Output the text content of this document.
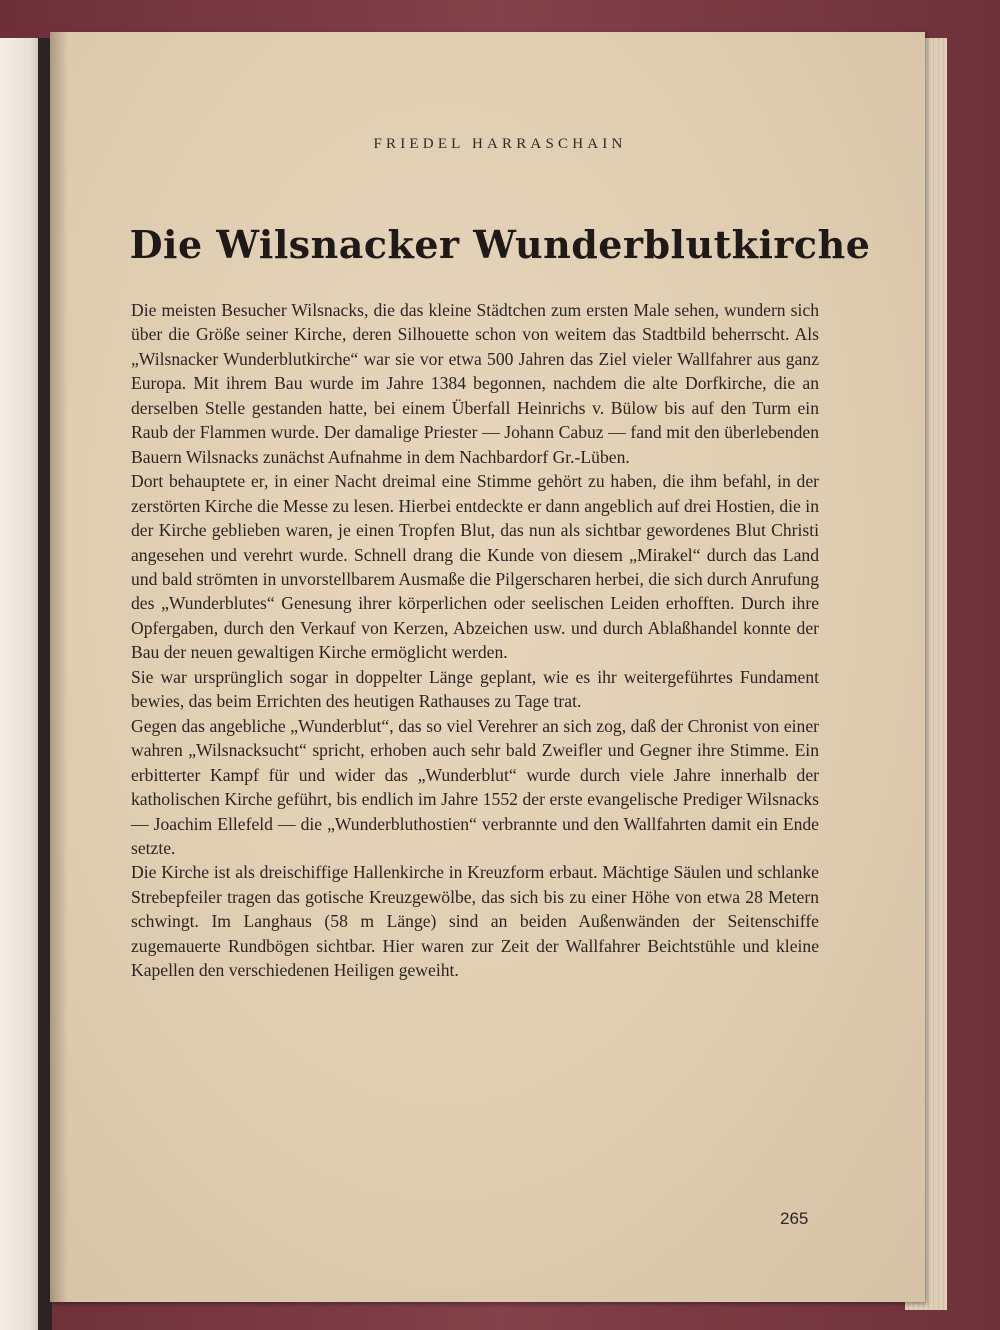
FRIEDEL HARRASCHAIN
Die Wilsnacker Wunderblutkirche

Die meisten Besucher Wilsnacks, die das kleine Städtchen zum ersten Male sehen, wundern sich über die Größe seiner Kirche, deren Silhouette schon von weitem das Stadtbild beherrscht. Als „Wilsnacker Wunderblutkirche“ war sie vor etwa 500 Jahren das Ziel vieler Wallfahrer aus ganz Europa. Mit ihrem Bau wurde im Jahre 1384 begonnen, nachdem die alte Dorfkirche, die an derselben Stelle gestanden hatte, bei einem Überfall Heinrichs v. Bülow bis auf den Turm ein Raub der Flammen wurde. Der damalige Priester — Johann Cabuz — fand mit den überlebenden Bauern Wilsnacks zunächst Aufnahme in dem Nachbardorf Gr.-Lüben.

Dort behauptete er, in einer Nacht dreimal eine Stimme gehört zu haben, die ihm befahl, in der zerstörten Kirche die Messe zu lesen. Hierbei entdeckte er dann angeblich auf drei Hostien, die in der Kirche geblieben waren, je einen Tropfen Blut, das nun als sichtbar gewordenes Blut Christi angesehen und verehrt wurde. Schnell drang die Kunde von diesem „Mirakel“ durch das Land und bald strömten in unvorstellbarem Ausmaße die Pilgerscharen herbei, die sich durch Anrufung des „Wunderblutes“ Genesung ihrer körperlichen oder seelischen Leiden erhofften. Durch ihre Opfergaben, durch den Verkauf von Kerzen, Abzeichen usw. und durch Ablaßhandel konnte der Bau der neuen gewaltigen Kirche ermöglicht werden.

Sie war ursprünglich sogar in doppelter Länge geplant, wie es ihr weitergeführtes Fundament bewies, das beim Errichten des heutigen Rathauses zu Tage trat.

Gegen das angebliche „Wunderblut“, das so viel Verehrer an sich zog, daß der Chronist von einer wahren „Wilsnacksucht“ spricht, erhoben auch sehr bald Zweifler und Gegner ihre Stimme. Ein erbitterter Kampf für und wider das „Wunderblut“ wurde durch viele Jahre innerhalb der katholischen Kirche geführt, bis endlich im Jahre 1552 der erste evangelische Prediger Wilsnacks — Joachim Ellefeld — die „Wunderbluthostien“ verbrannte und den Wallfahrten damit ein Ende setzte.

Die Kirche ist als dreischiffige Hallenkirche in Kreuzform erbaut. Mächtige Säulen und schlanke Strebepfeiler tragen das gotische Kreuzgewölbe, das sich bis zu einer Höhe von etwa 28 Metern schwingt. Im Langhaus (58 m Länge) sind an beiden Außenwänden der Seitenschiffe zugemauerte Rundbögen sichtbar. Hier waren zur Zeit der Wallfahrer Beichtstühle und kleine Kapellen den verschiedenen Heiligen geweiht.

265
